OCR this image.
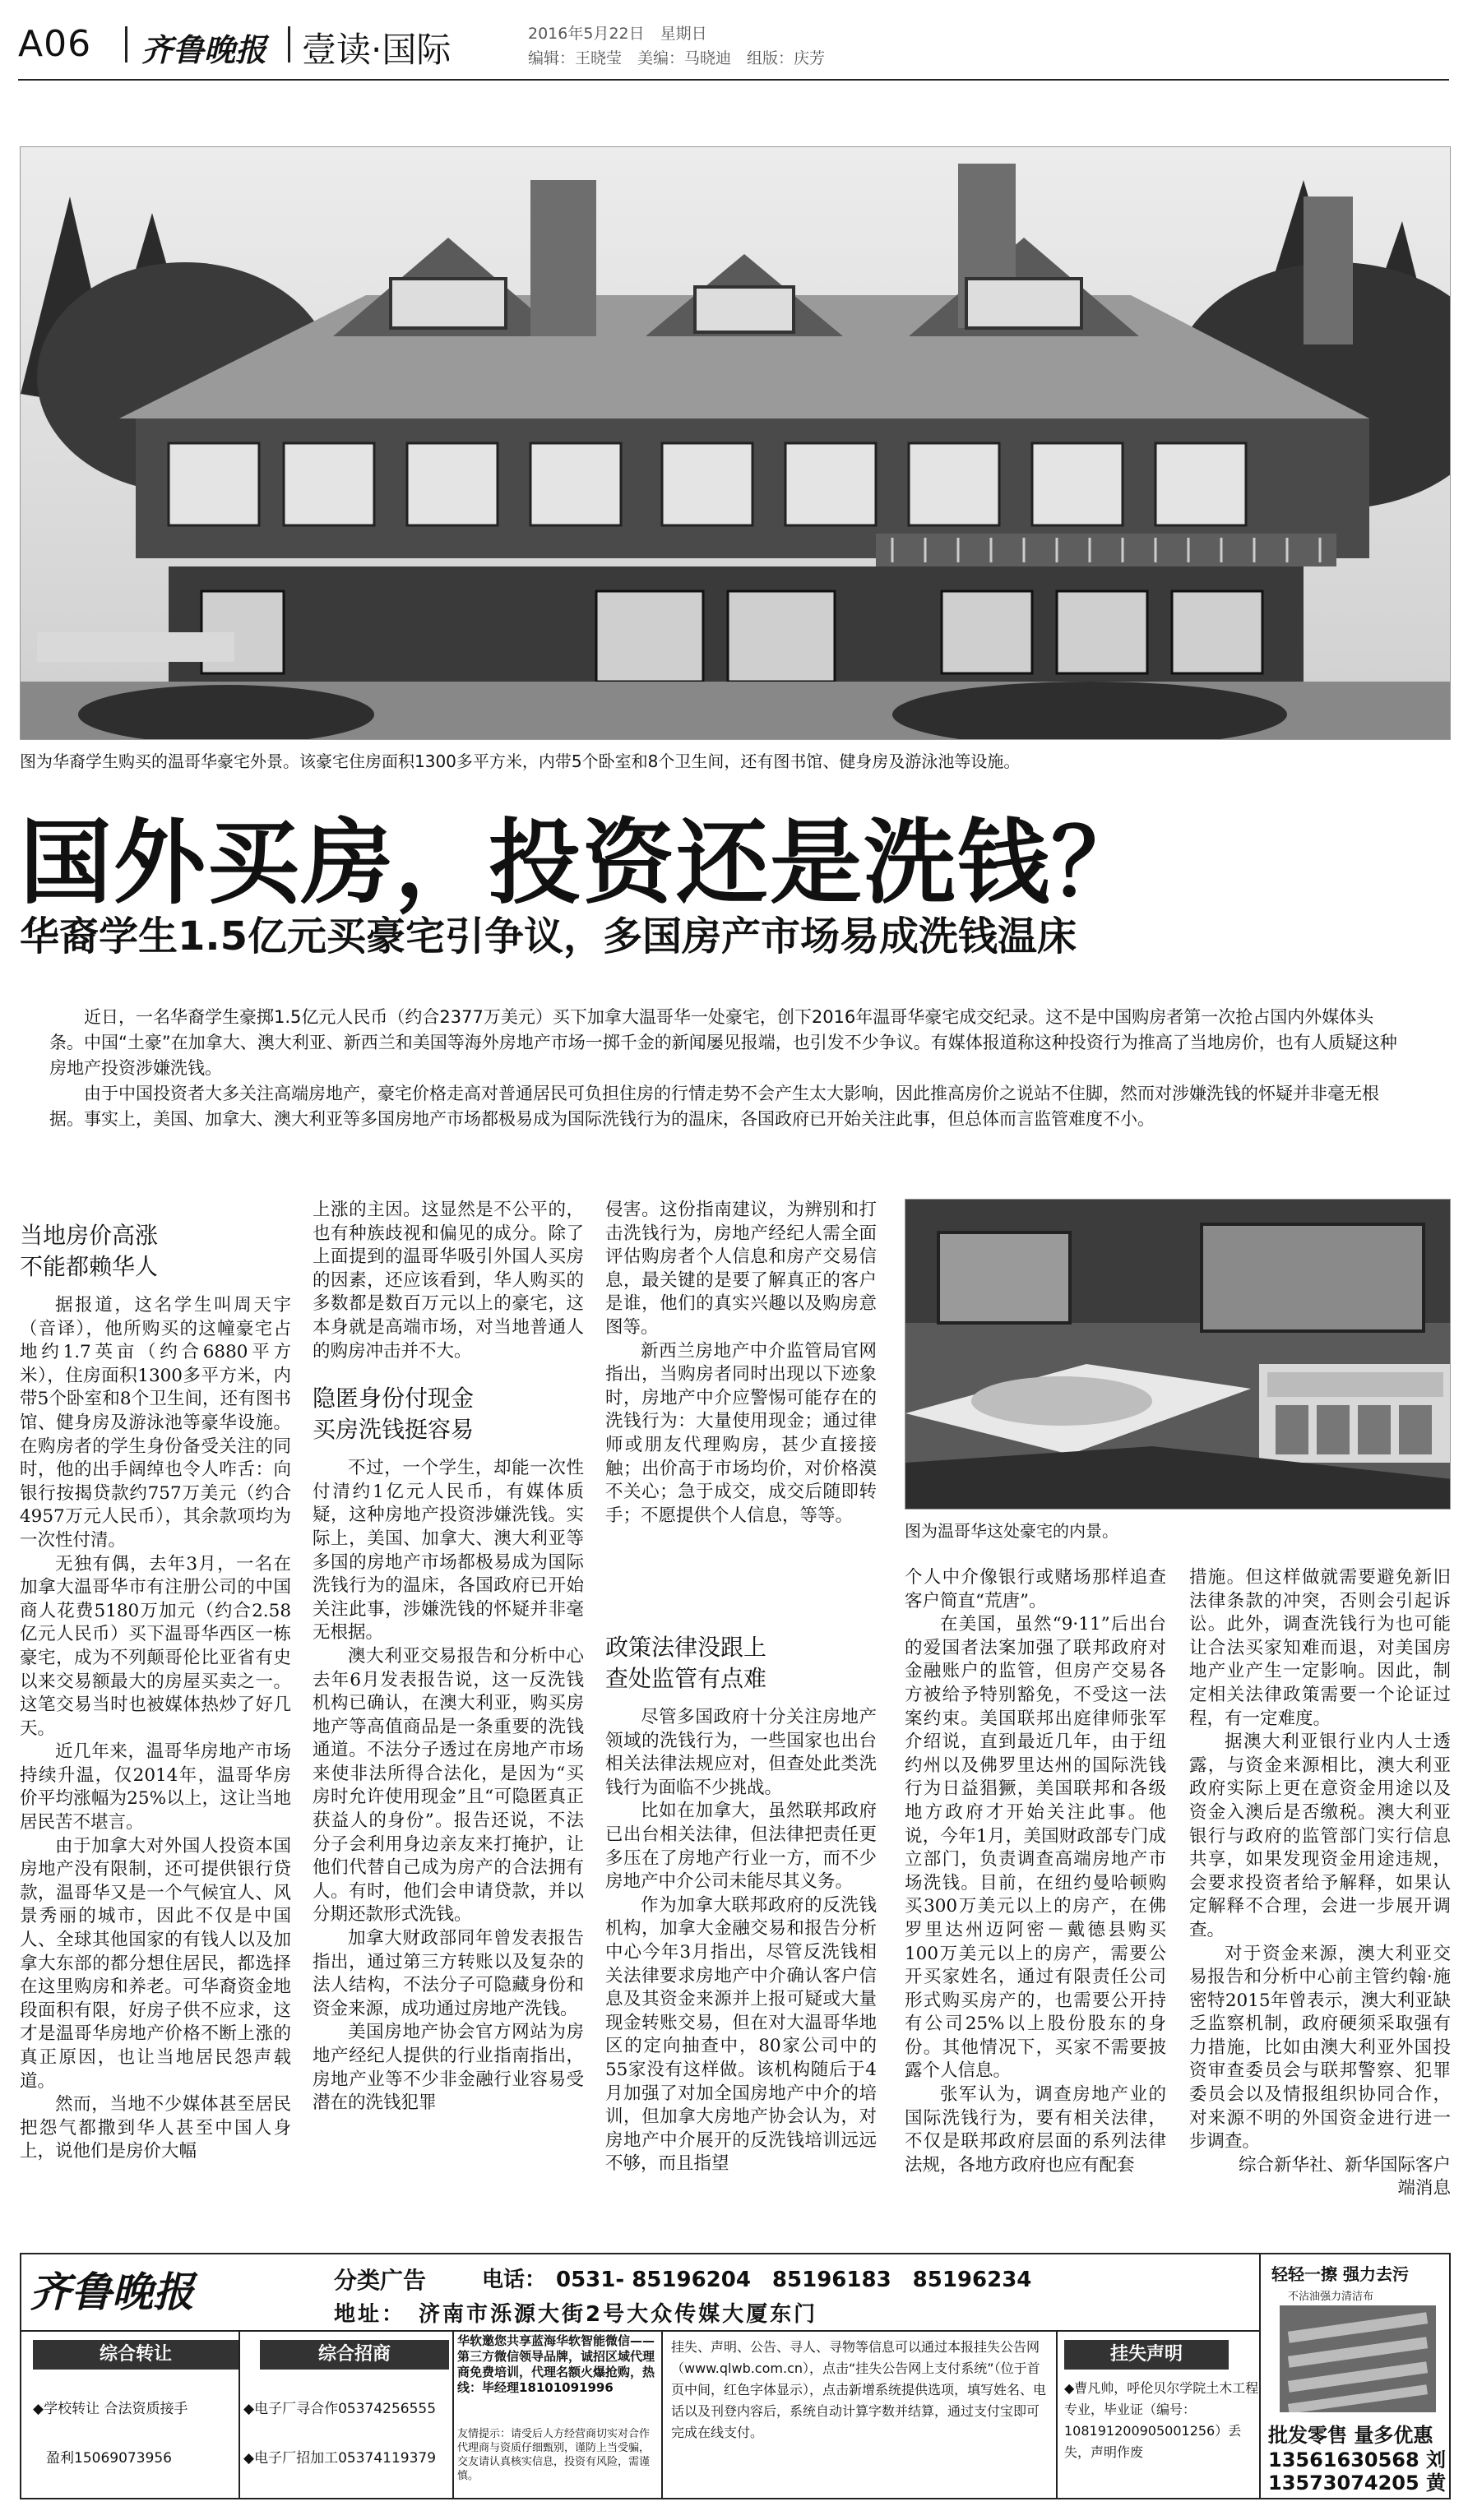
A06 齐鲁晚报 壹读·国际	2016年5月22日　星期日
编辑：王晓莹　美编：马晓迪　组版：庆芳
图为华裔学生购买的温哥华豪宅外景。该豪宅住房面积1300多平方米，内带5个卧室和8个卫生间，还有图书馆、健身房及游泳池等设施。
国外买房，投资还是洗钱？
华裔学生1.5亿元买豪宅引争议，多国房产市场易成洗钱温床

近日，一名华裔学生豪掷1.5亿元人民币（约合2377万美元）买下加拿大温哥华一处豪宅，创下2016年温哥华豪宅成交纪录。这不是中国购房者第一次抢占国内外媒体头条。中国“土豪”在加拿大、澳大利亚、新西兰和美国等海外房地产市场一掷千金的新闻屡见报端，也引发不少争议。有媒体报道称这种投资行为推高了当地房价，也有人质疑这种房地产投资涉嫌洗钱。

由于中国投资者大多关注高端房地产，豪宅价格走高对普通居民可负担住房的行情走势不会产生太大影响，因此推高房价之说站不住脚，然而对涉嫌洗钱的怀疑并非毫无根据。事实上，美国、加拿大、澳大利亚等多国房地产市场都极易成为国际洗钱行为的温床，各国政府已开始关注此事，但总体而言监管难度不小。

当地房价高涨
不能都赖华人

据报道，这名学生叫周天宇（音译），他所购买的这幢豪宅占地约1.7英亩（约合6880平方米），住房面积1300多平方米，内带5个卧室和8个卫生间，还有图书馆、健身房及游泳池等豪华设施。在购房者的学生身份备受关注的同时，他的出手阔绰也令人咋舌：向银行按揭贷款约757万美元（约合4957万元人民币），其余款项均为一次性付清。

无独有偶，去年3月，一名在加拿大温哥华市有注册公司的中国商人花费5180万加元（约合2.58亿元人民币）买下温哥华西区一栋豪宅，成为不列颠哥伦比亚省有史以来交易额最大的房屋买卖之一。这笔交易当时也被媒体热炒了好几天。

近几年来，温哥华房地产市场持续升温，仅2014年，温哥华房价平均涨幅为25%以上，这让当地居民苦不堪言。

由于加拿大对外国人投资本国房地产没有限制，还可提供银行贷款，温哥华又是一个气候宜人、风景秀丽的城市，因此不仅是中国人、全球其他国家的有钱人以及加拿大东部的都分想住居民，都选择在这里购房和养老。可华裔资金地段面积有限，好房子供不应求，这才是温哥华房地产价格不断上涨的真正原因，也让当地居民怨声载道。

然而，当地不少媒体甚至居民把怨气都撒到华人甚至中国人身上，说他们是房价大幅

上涨的主因。这显然是不公平的，也有种族歧视和偏见的成分。除了上面提到的温哥华吸引外国人买房的因素，还应该看到，华人购买的多数都是数百万元以上的豪宅，这本身就是高端市场，对当地普通人的购房冲击并不大。

隐匿身份付现金
买房洗钱挺容易

不过，一个学生，却能一次性付清约1亿元人民币，有媒体质疑，这种房地产投资涉嫌洗钱。实际上，美国、加拿大、澳大利亚等多国的房地产市场都极易成为国际洗钱行为的温床，各国政府已开始关注此事，涉嫌洗钱的怀疑并非毫无根据。

澳大利亚交易报告和分析中心去年6月发表报告说，这一反洗钱机构已确认，在澳大利亚，购买房地产等高值商品是一条重要的洗钱通道。不法分子透过在房地产市场来使非法所得合法化，是因为“买房时允许使用现金”且“可隐匿真正获益人的身份”。报告还说，不法分子会利用身边亲友来打掩护，让他们代替自己成为房产的合法拥有人。有时，他们会申请贷款，并以分期还款形式洗钱。

加拿大财政部同年曾发表报告指出，通过第三方转账以及复杂的法人结构，不法分子可隐藏身份和资金来源，成功通过房地产洗钱。

美国房地产协会官方网站为房地产经纪人提供的行业指南指出，房地产业等不少非金融行业容易受潜在的洗钱犯罪

侵害。这份指南建议，为辨别和打击洗钱行为，房地产经纪人需全面评估购房者个人信息和房产交易信息，最关键的是要了解真正的客户是谁，他们的真实兴趣以及购房意图等。

新西兰房地产中介监管局官网指出，当购房者同时出现以下迹象时，房地产中介应警惕可能存在的洗钱行为：大量使用现金；通过律师或朋友代理购房，甚少直接接触；出价高于市场均价，对价格漠不关心；急于成交，成交后随即转手；不愿提供个人信息，等等。

图为温哥华这处豪宅的内景。
政策法律没跟上
查处监管有点难

尽管多国政府十分关注房地产领域的洗钱行为，一些国家也出台相关法律法规应对，但查处此类洗钱行为面临不少挑战。

比如在加拿大，虽然联邦政府已出台相关法律，但法律把责任更多压在了房地产行业一方，而不少房地产中介公司未能尽其义务。

作为加拿大联邦政府的反洗钱机构，加拿大金融交易和报告分析中心今年3月指出，尽管反洗钱相关法律要求房地产中介确认客户信息及其资金来源并上报可疑或大量现金转账交易，但在对大温哥华地区的定向抽查中，80家公司中的55家没有这样做。该机构随后于4月加强了对加全国房地产中介的培训，但加拿大房地产协会认为，对房地产中介展开的反洗钱培训远远不够，而且指望

个人中介像银行或赌场那样追查客户简直“荒唐”。

在美国，虽然“9·11”后出台的爱国者法案加强了联邦政府对金融账户的监管，但房产交易各方被给予特别豁免，不受这一法案约束。美国联邦出庭律师张军介绍说，直到最近几年，由于纽约州以及佛罗里达州的国际洗钱行为日益猖獗，美国联邦和各级地方政府才开始关注此事。他说，今年1月，美国财政部专门成立部门，负责调查高端房地产市场洗钱。目前，在纽约曼哈顿购买300万美元以上的房产，在佛罗里达州迈阿密－戴德县购买100万美元以上的房产，需要公开买家姓名，通过有限责任公司形式购买房产的，也需要公开持有公司25%以上股份股东的身份。其他情况下，买家不需要披露个人信息。

张军认为，调查房地产业的国际洗钱行为，要有相关法律，不仅是联邦政府层面的系列法律法规，各地方政府也应有配套

措施。但这样做就需要避免新旧法律条款的冲突，否则会引起诉讼。此外，调查洗钱行为也可能让合法买家知难而退，对美国房地产业产生一定影响。因此，制定相关法律政策需要一个论证过程，有一定难度。

据澳大利亚银行业内人士透露，与资金来源相比，澳大利亚政府实际上更在意资金用途以及资金入澳后是否缴税。澳大利亚银行与政府的监管部门实行信息共享，如果发现资金用途违规，会要求投资者给予解释，如果认定解释不合理，会进一步展开调查。

对于资金来源，澳大利亚交易报告和分析中心前主管约翰·施密特2015年曾表示，澳大利亚缺乏监察机制，政府硬须采取强有力措施，比如由澳大利亚外国投资审查委员会与联邦警察、犯罪委员会以及情报组织协同合作，对来源不明的外国资金进行进一步调查。

综合新华社、新华国际客户端消息

齐鲁晚报	分类广告	电话： 0531- 85196204　85196183　85196234
地址：　济南市泺源大街2号大众传媒大厦东门
综合转让
◆学校转让 合法资质接手
盈利15069073956
综合招商
◆电子厂寻合作05374256555
◆电子厂招加工05374119379
华软邀您共享蓝海华软智能微信——第三方微信领导品牌，诚招区域代理商免费培训，代理名额火爆抢购，热线：毕经理18101091996
友情提示：请受后人方经营商切实对合作代理商与资质仔细甄别，谨防上当受骗，交友请认真核实信息，投资有风险，需谨慎。
挂失、声明、公告、寻人、寻物等信息可以通过本报挂失公告网（www.qlwb.com.cn），点击“挂失公告网上支付系统”（位于首页中间，红色字体显示），点击新增系统提供选项，填写姓名、电话以及刊登内容后，系统自动计算字数并结算，通过支付宝即可完成在线支付。
挂失声明
◆曹凡帅，呼伦贝尔学院土木工程专业，毕业证（编号：108191200905001256）丢失，声明作废
轻轻一擦 强力去污
不沾油强力清洁布
批发零售 量多优惠
13561630568 刘
13573074205 黄
